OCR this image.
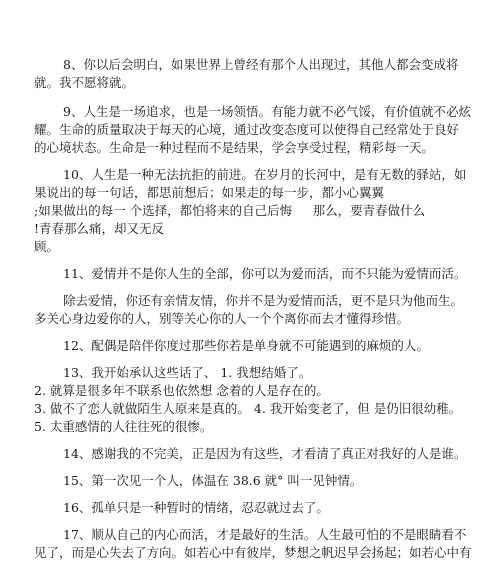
8、你以后会明白，如果世界上曾经有那个人出现过，其他人都会变成将
就。我不愿将就。
9、人生是一场追求，也是一场领悟。有能力就不必气馁，有价值就不必炫
耀。生命的质量取决于每天的心境，通过改变态度可以使得自己经常处于良好
的心境状态。生命是一种过程而不是结果，学会享受过程，精彩每一天。
10、人生是一种无法抗拒的前进。在岁月的长河中，是有无数的驿站，如
果说出的每一句话，都思前想后；如果走的每一步，都小心翼翼
;如果做出的每一 个选择，都怕将来的自己后悔 　 那么，要青春做什么
!青春那么痛，却又无反
顾。
11、爱情并不是你人生的全部，你可以为爱而活，而不只能为爱情而活。
除去爱情，你还有亲情友情，你并不是为爱情而活，更不是只为他而生。
多关心身边爱你的人，别等关心你的人一个个离你而去才懂得珍惜。
12、配偶是陪伴你度过那些你若是单身就不可能遇到的麻烦的人。
13、我开始承认这些话了、 1. 我想结婚了。
2. 就算是很多年不联系也依然想 念着的人是存在的。
3. 做不了恋人就做陌生人原来是真的。 4. 我开始变老了，但 是仍旧很幼稚。
5. 太重感情的人往往死的很惨。
14、感谢我的不完美，正是因为有这些，才看清了真正对我好的人是谁。
15、第一次见一个人，体温在 38.6 就° 叫一见钟情。
16、孤单只是一种暂时的情绪，忍忍就过去了。
17、顺从自己的内心而活，才是最好的生活。人生最可怕的不是眼睛看不
见了，而是心失去了方向。如若心中有彼岸，梦想之帆迟早会扬起；如若心中有
